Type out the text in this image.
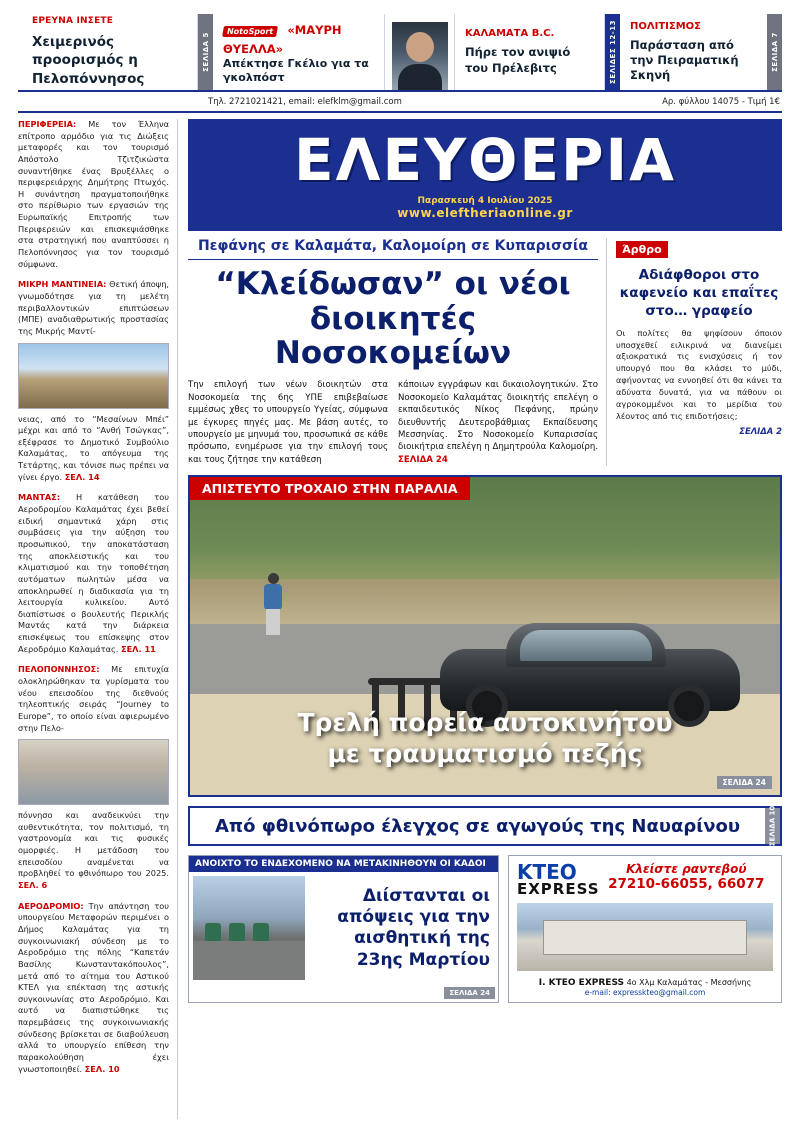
ΕΡΕΥΝΑ ΙΝΣΕΤΕ
Χειμερινός προορισμός η Πελοπόννησος
ΣΕΛΙΔΑ 5
NotoSport «ΜΑΥΡΗ ΘΥΕΛΛΑ»
Απέκτησε Γκέλιο για τα γκολπόστ
ΚΑΛΑΜΑΤΑ Β.C.
Πήρε τον ανιψιό του Πρέλεβιτς	ΣΕΛΙΔΕΣ 12-13 ΠΟΛΙΤΙΣΜΟΣ
Παράσταση από την Πειραματική Σκηνή
ΣΕΛΙΔΑ 7
Τηλ. 2721021421, email: elefklm@gmail.com	Αρ. φύλλου 14075 - Τιμή 1€

ΠΕΡΙΦΕΡΕΙΑ: Με τον Έλληνα επίτροπο αρμόδιο για τις Διώξεις μεταφορές και τον τουρισμό Απόστολο Τζιτζικώστα συναντήθηκε ένας Βρυξέλλες ο περιφερειάρχης Δημήτρης Πτωχός. Η συνάντηση πραγματοποιήθηκε στο περίθωριο των εργασιών της Ευρωπαϊκής Επιτροπής των Περιφερειών και επισκεψιάσθηκε στα στρατηγική που αναπτύσσει η Πελοπόννησος για τον τουρισμό σύμφωνα.

ΜΙΚΡΗ ΜΑΝΤΙΝΕΙΑ: Θετική άποψη, γνωμοδότησε για τη μελέτη περιβαλλοντικών επιπτώσεων (ΜΠΕ) αναδιαθρωτικής προστασίας της Μικρής Μαντί-

νειας, από το “Μεσαίνων Μπέι” μέχρι και από το “Ανθή Τσώγκας”, εξέφρασε το Δημοτικό Συμβούλιο Καλαμάτας, το απόγευμα της Τετάρτης, και τόνισε πως πρέπει να γίνει έργο. ΣΕΛ. 14

ΜΑΝΤΑΣ: Η κατάθεση του Αεροδρομίου Καλαμάτας έχει βεθεί ειδική σημαντικά χάρη στις συμβάσεις για την αύξηση του προσωπικού, την αποκατάσταση της αποκλειστικής και του κλιματισμού και την τοποθέτηση αυτόματων πωλητών μέσα να αποκληρωθεί η διαδικασία για τη λειτουργία κυλικείου. Αυτό διαπίστωσε ο βουλευτής Περικλής Μαντάς κατά την διάρκεια επισκέψεως του επίσκεψης στον Αεροδρόμιο Καλαμάτας. ΣΕΛ. 11

ΠΕΛΟΠΟΝΝΗΣΟΣ: Με επιτυχία ολοκληρώθηκαν τα γυρίσματα του νέου επεισοδίου της διεθνούς τηλεοπτικής σειράς “Journey to Europe”, το οποίο είναι αφιερωμένο στην Πελο-

πόννησο και αναδεικνύει την αυθεντικότητα, τον πολιτισμό, τη γαστρονομία και τις φυσικές ομορφιές. Η μετάδοση του επεισοδίου αναμένεται να προβληθεί το φθινόπωρο του 2025. ΣΕΛ. 6

ΑΕΡΟΔΡΟΜΙΟ: Την απάντηση του υπουργείου Μεταφορών περιμένει ο Δήμος Καλαμάτας για τη συγκοινωνιακή σύνδεση με το Αεροδρόμιο της πόλης “Καπετάν Βασίλης Κωνσταντακόπουλος”, μετά από το αίτημα του Αστικού ΚΤΕΛ για επέκταση της αστικής συγκοινωνίας στο Αεροδρόμιο. Και αυτό να διαπιστώθηκε τις παρεμβάσεις της συγκοινωνιακής σύνδεσης βρίσκεται σε διαβούλευση αλλά το υπουργείο επίθεση την παρακολούθηση έχει γνωστοποιηθεί. ΣΕΛ. 10

ΕΛΕΥΘΕΡΙΑ
Παρασκευή 4 Ιουλίου 2025
www.eleftheriaonline.gr
Πεφάνης σε Καλαμάτα, Καλομοίρη σε Κυπαρισσία
“Κλείδωσαν” οι νέοι
διοικητές Νοσοκομείων
Την επιλογή των νέων διοικητών στα Νοσοκομεία της 6ης ΥΠΕ επιβεβαίωσε εμμέσως χθες το υπουργείο Υγείας, σύμφωνα με έγκυρες πηγές μας. Με βάση αυτές, το υπουργείο με μηνυμά του, προσωπικά σε κάθε πρόσωπο, ενημέρωσε για την επιλογή τους και τους ζήτησε την κατάθεση
κάποιων εγγράφων και δικαιολογητικών. Στο Νοσοκομείο Καλαμάτας διοικητής επελέγη ο εκπαιδευτικός Νίκος Πεφάνης, πρώην διευθυντής Δευτεροβάθμιας Εκπαίδευσης Μεσσηνίας. Στο Νοσοκομείο Κυπαρισσίας διοικήτρια επελέγη η Δημητρούλα Καλομοίρη. ΣΕΛΙΔΑ 24
Άρθρο
Αδιάφθοροι στο καφενείο και επαΐτες στο… γραφείο
Οι πολίτες θα ψηφίσουν όποιον υποσχεθεί ειλικρινά να διανείμει αξιοκρατικά τις ενισχύσεις ή τον υπουργό που θα κλάσει το μύδι, αφήνοντας να εννοηθεί ότι θα κάνει τα αδύνατα δυνατά, για να πάθουν οι αγροκομμένοι και το μερίδια του λέοντος από τις επιδοτήσεις;
ΣΕΛΙΔΑ 2
ΑΠΙΣΤΕΥΤΟ ΤΡΟΧΑΙΟ ΣΤΗΝ ΠΑΡΑΛΙΑ
Τρελή πορεία αυτοκινήτου
με τραυματισμό πεζής
ΣΕΛΙΔΑ 24
Από φθινόπωρο έλεγχος σε αγωγούς της Ναυαρίνου	ΣΕΛΙΔΑ 10
ΑΝΟΙΧΤΟ ΤΟ ΕΝΔΕΧΟΜΕΝΟ ΝΑ ΜΕΤΑΚΙΝΗΘΟΥΝ ΟΙ ΚΑΔΟΙ
Διίστανται οι απόψεις για την αισθητική της 23ης Μαρτίου
ΣΕΛΙΔΑ 24
ΚΤΕΟ
EXPRESS
Κλείστε ραντεβού
27210-66055, 66077
Ι. ΚΤΕΟ EXPRESS 4ο Χλμ Καλαμάτας - Μεσσήνης
e-mail: expresskteo@gmail.com
